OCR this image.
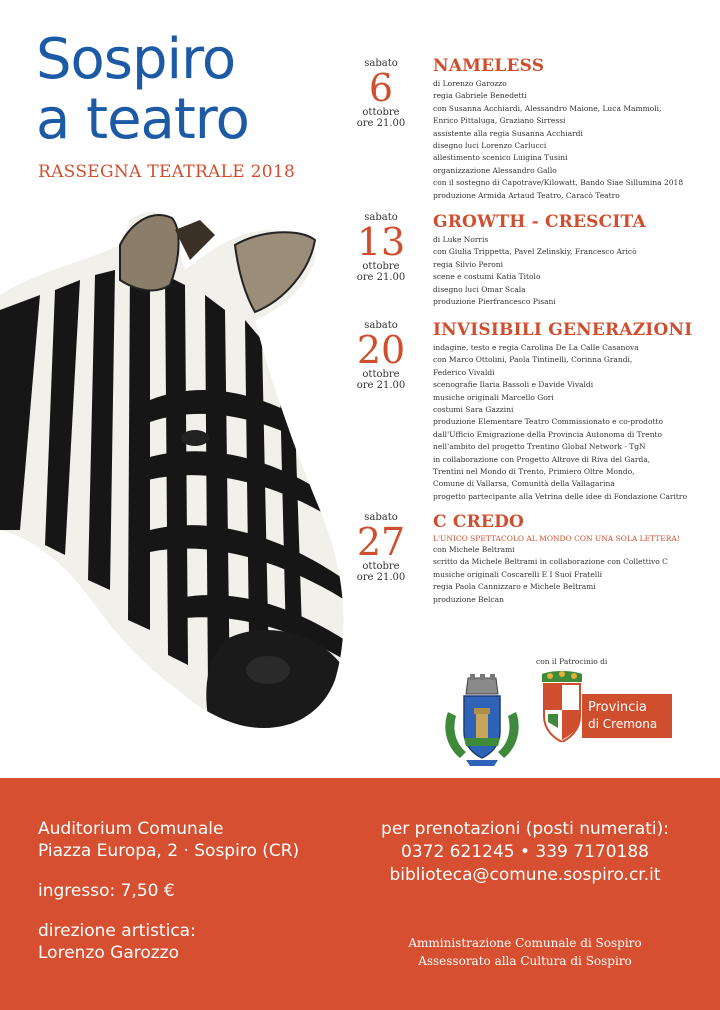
Sospiro
a teatro
RASSEGNA TEATRALE 2018
sabato
6
ottobre
ore 21.00
NAMELESS
di Lorenzo Garozzo
regia Gabriele Benedetti
con Susanna Acchiardi, Alessandro Maione, Luca Mammoli,
Enrico Pittaluga, Graziano Sirressi
assistente alla regia Susanna Acchiardi
disegno luci Lorenzo Carlucci
allestimento scenico Luigina Tusini
organizzazione Alessandro Gallo
con il sostegno di Capotrave/Kilowatt, Bando Siae Sillumina 2018
produzione Armida Artaud Teatro, Caracò Teatro
sabato
13
ottobre
ore 21.00
GROWTH - CRESCITA
di Luke Norris
con Giulia Trippetta, Pavel Zelinskiy, Francesco Aricò
regia Silvio Peroni
scene e costumi Katia Titolo
disegno luci Omar Scala
produzione Pierfrancesco Pisani
sabato
20
ottobre
ore 21.00
INVISIBILI GENERAZIONI
indagine, testo e regia Carolina De La Calle Casanova
con Marco Ottolini, Paola Tintinelli, Corinna Grandi,
Federico Vivaldi
scenografie Ilaria Bassoli e Davide Vivaldi
musiche originali Marcello Gori
costumi Sara Gazzini
produzione Elementare Teatro Commissionato e co-prodotto
dall'Ufficio Emigrazione della Provincia Autonoma di Trento
nell'ambito del progetto Trentino Global Network - TgN
in collaborazione con Progetto Altrove di Riva del Garda,
Trentini nel Mondo di Trento, Primiero Oltre Mondo,
Comune di Vallarsa, Comunità della Vallagarina
progetto partecipante alla Vetrina delle idee di Fondazione Caritro
sabato
27
ottobre
ore 21.00
C CREDO
L'UNICO SPETTACOLO AL MONDO CON UNA SOLA LETTERA!
con Michele Beltrami
scritto da Michele Beltrami in collaborazione con Collettivo C
musiche originali Coscarelli E I Suoi Fratelli
regia Paola Cannizzaro e Michele Beltrami
produzione Belcan
con il Patrocinio di
Provincia
di Cremona
Auditorium Comunale
Piazza Europa, 2 · Sospiro (CR)
ingresso: 7,50 €
direzione artistica:
Lorenzo Garozzo
per prenotazioni (posti numerati):
0372 621245 • 339 7170188
biblioteca@comune.sospiro.cr.it
Amministrazione Comunale di Sospiro
Assessorato alla Cultura di Sospiro
